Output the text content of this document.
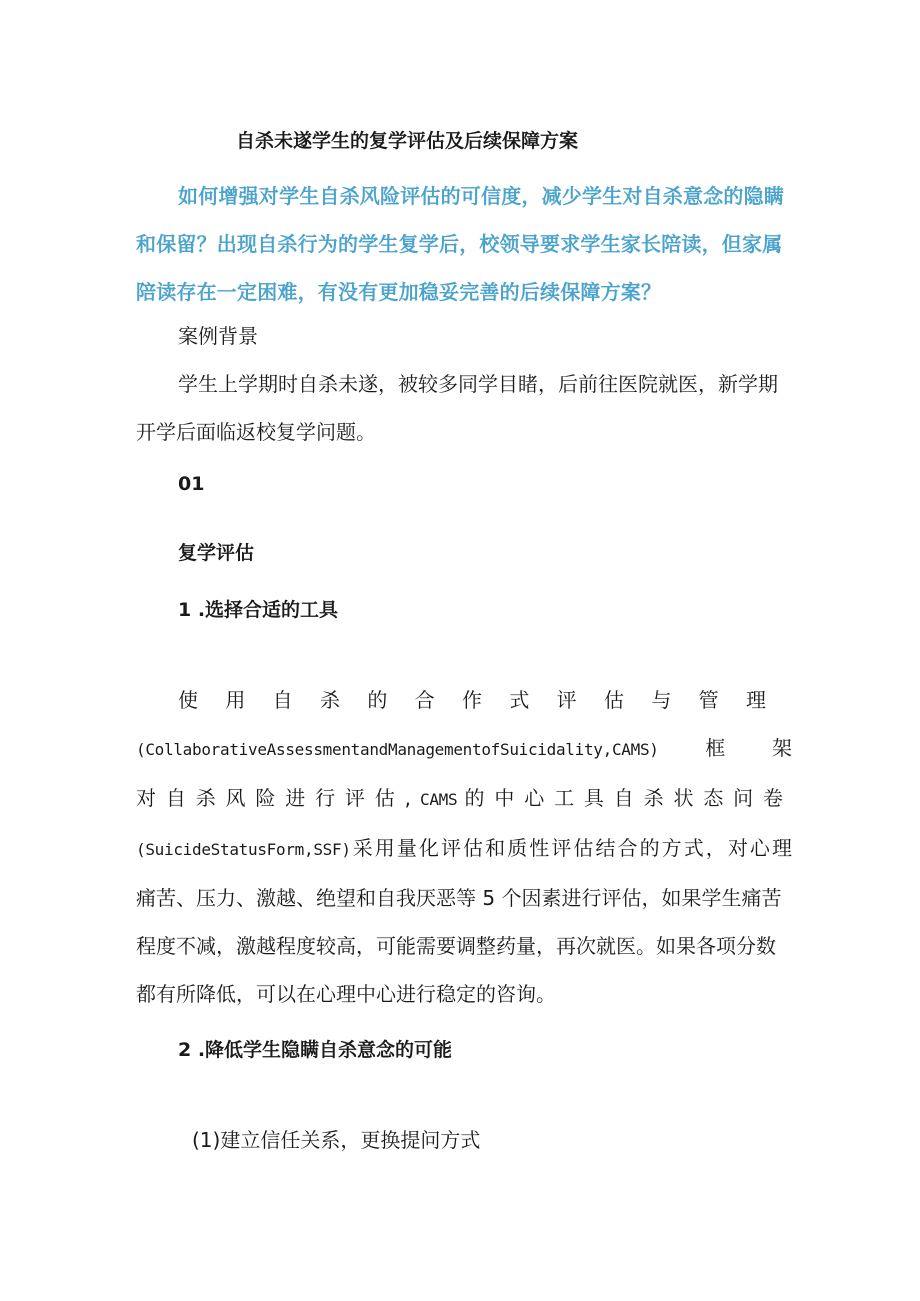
自杀未遂学生的复学评估及后续保障方案
如何增强对学生自杀风险评估的可信度，减少学生对自杀意念的隐瞒和保留？出现自杀行为的学生复学后，校领导要求学生家长陪读，但家属陪读存在一定困难，有没有更加稳妥完善的后续保障方案？
案例背景
学生上学期时自杀未遂，被较多同学目睹，后前往医院就医，新学期开学后面临返校复学问题。
01
复学评估
1 .选择合适的工具
使用自杀的合作式评估与管理
(CollaborativeAssessmentandManagementofSuicidality,CAMS)框架
对自杀风险进行评估,CAMS 的中心工具自杀状态问卷
(SuicideStatusForm,SSF)采用量化评估和质性评估结合的方式，对心理
痛苦、压力、激越、绝望和自我厌恶等 5 个因素进行评估，如果学生痛苦程度不减，激越程度较高，可能需要调整药量，再次就医。如果各项分数都有所降低，可以在心理中心进行稳定的咨询。
2 .降低学生隐瞒自杀意念的可能
(1)建立信任关系，更换提问方式
